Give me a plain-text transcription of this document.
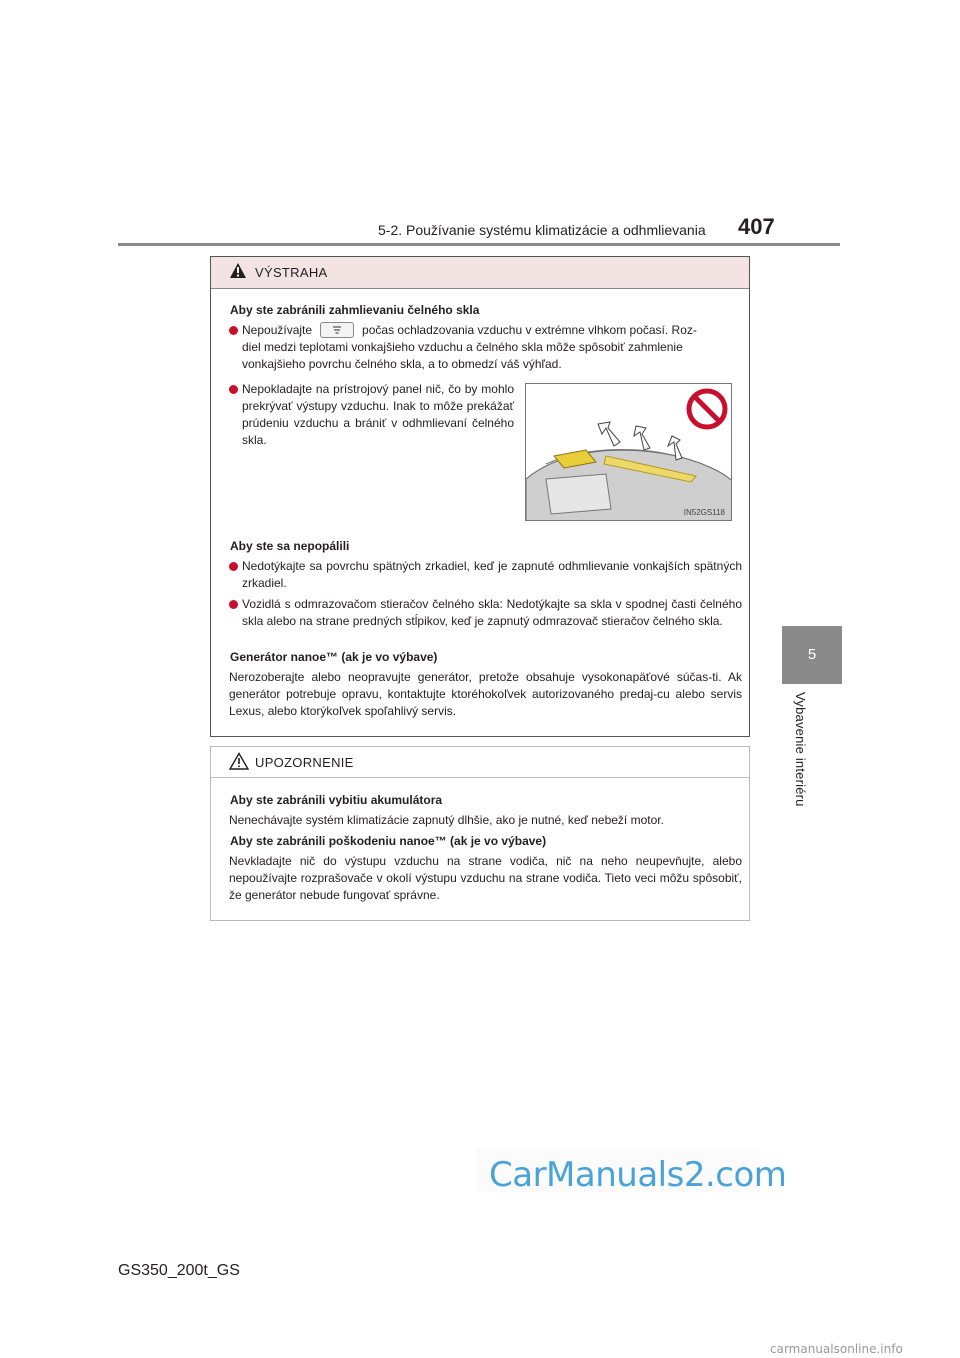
5-2. Používanie systému klimatizácie a odhmlievania 407
5
Vybavenie interiéru
VÝSTRAHA
Aby ste zabránili zahmlievaniu čelného skla
Nepoužívajte	počas ochladzovania vzduchu v extrémne vlhkom počasí. Roz-
diel medzi teplotami vonkajšieho vzduchu a čelného skla môže spôsobiť zahmlenie
vonkajšieho povrchu čelného skla, a to obmedzí váš výhľad.
Nepokladajte na prístrojový panel nič, čo by mohlo prekrývať výstupy vzduchu. Inak to môže prekážať prúdeniu vzduchu a brániť v odhmlievaní čelného skla.
IN52GS118
Aby ste sa nepopálili
Nedotýkajte sa povrchu spätných zrkadiel, keď je zapnuté odhmlievanie vonkajších spätných zrkadiel.
Vozidlá s odmrazovačom stieračov čelného skla: Nedotýkajte sa skla v spodnej časti čelného skla alebo na strane predných stĺpikov, keď je zapnutý odmrazovač stieračov čelného skla.
Generátor nanoe™ (ak je vo výbave)
Nerozoberajte alebo neopravujte generátor, pretože obsahuje vysokonapäťové súčas-ti. Ak generátor potrebuje opravu, kontaktujte ktoréhokoľvek autorizovaného predaj-cu alebo servis Lexus, alebo ktorýkoľvek spoľahlivý servis.
UPOZORNENIE
Aby ste zabránili vybitiu akumulátora
Nenechávajte systém klimatizácie zapnutý dlhšie, ako je nutné, keď nebeží motor.
Aby ste zabránili poškodeniu nanoe™ (ak je vo výbave)
Nevkladajte nič do výstupu vzduchu na strane vodiča, nič na neho neupevňujte, alebo nepoužívajte rozprašovače v okolí výstupu vzduchu na strane vodiča. Tieto veci môžu spôsobiť, že generátor nebude fungovať správne.
GS350_200t_GS
CarManuals2.com
carmanualsonline.info
